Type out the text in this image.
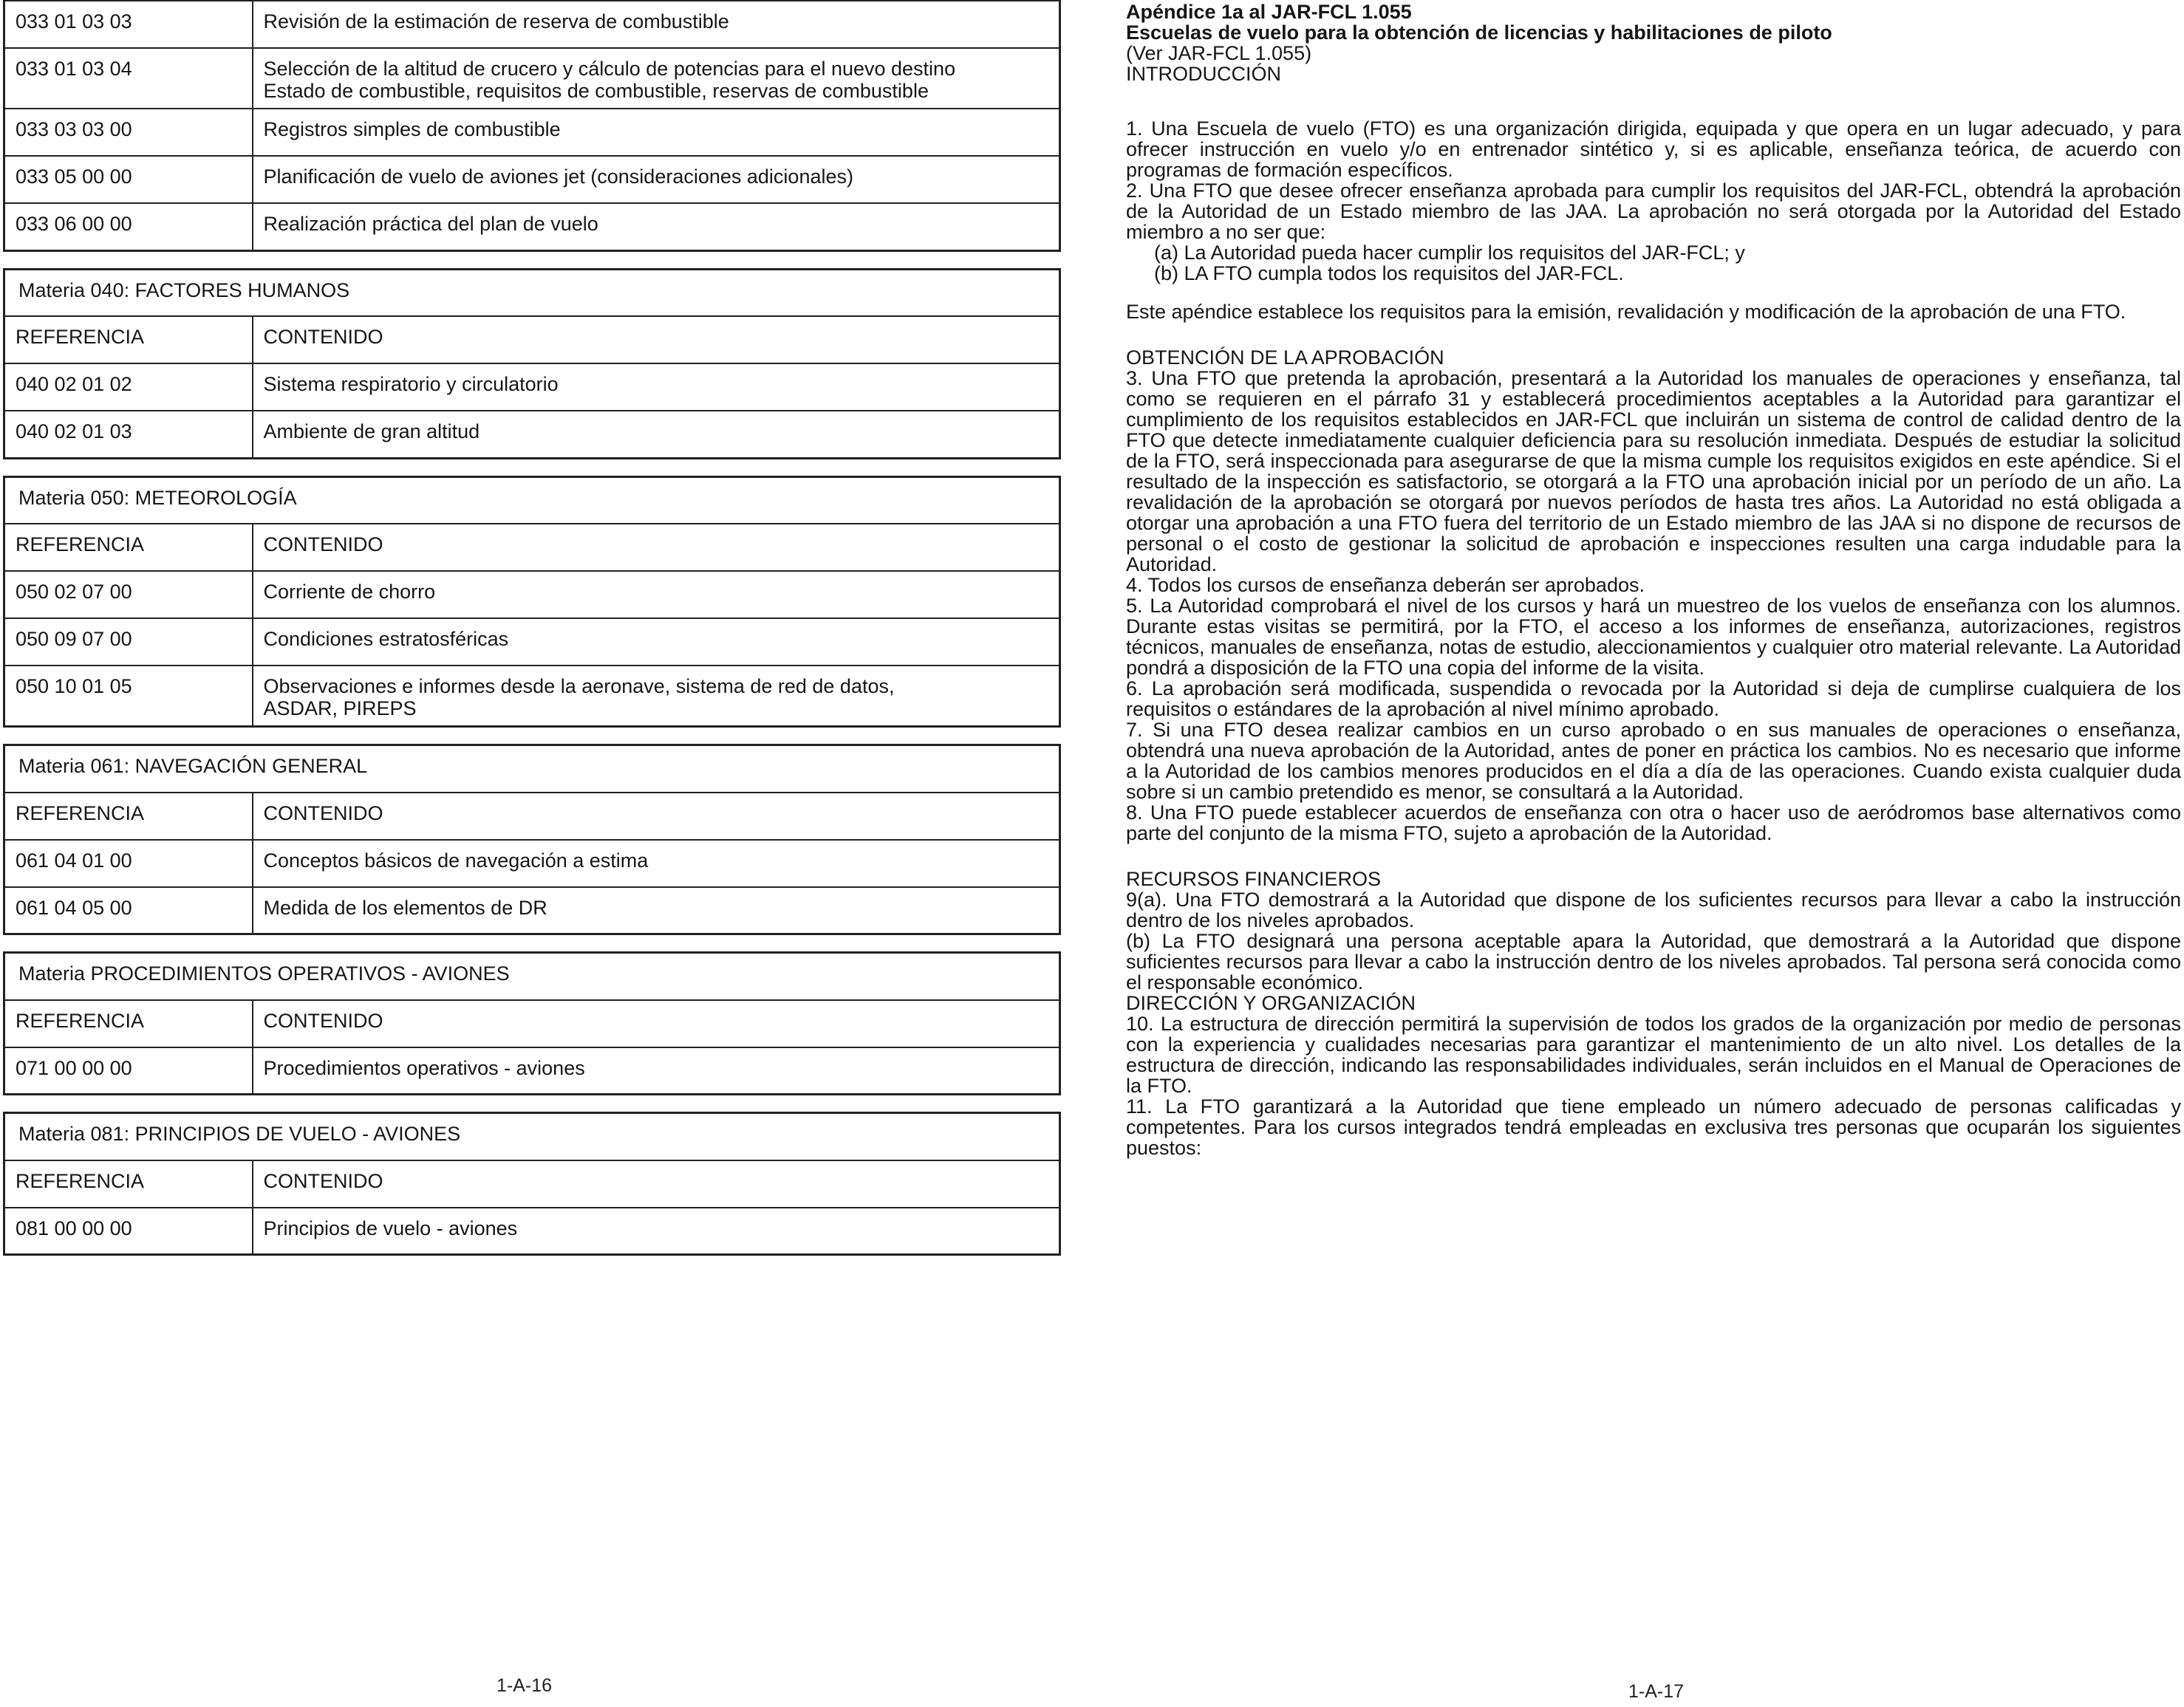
033 01 03 03	Revisión de la estimación de reserva de combustible

033 01 03 04	Selección de la altitud de crucero y cálculo de potencias para el nuevo destino
Estado de combustible, requisitos de combustible, reservas de combustible

033 03 03 00	Registros simples de combustible

033 05 00 00	Planificación de vuelo de aviones jet (consideraciones adicionales)

033 06 00 00	Realización práctica del plan de vuelo
Materia 040: FACTORES HUMANOS	
REFERENCIA	CONTENIDO
040 02 01 02	Sistema respiratorio y circulatorio
040 02 01 03	Ambiente de gran altitud
Materia 050: METEOROLOGÍA	
REFERENCIA	CONTENIDO
050 02 07 00	Corriente de chorro
050 09 07 00	Condiciones estratosféricas
050 10 01 05	Observaciones e informes desde la aeronave, sistema de red de datos,
ASDAR, PIREPS
Materia 061: NAVEGACIÓN GENERAL	
REFERENCIA	CONTENIDO
061 04 01 00	Conceptos básicos de navegación a estima
061 04 05 00	Medida de los elementos de DR
Materia PROCEDIMIENTOS OPERATIVOS - AVIONES	
REFERENCIA	CONTENIDO
071 00 00 00	Procedimientos operativos - aviones
Materia 081: PRINCIPIOS DE VUELO - AVIONES	
REFERENCIA	CONTENIDO
081 00 00 00	Principios de vuelo - aviones
1-A-16

Apéndice 1a al JAR-FCL 1.055

Escuelas de vuelo para la obtención de licencias y habilitaciones de piloto

(Ver JAR-FCL 1.055)

INTRODUCCIÓN

1. Una Escuela de vuelo (FTO) es una organización dirigida, equipada y que opera en un lugar adecuado, y para ofrecer instrucción en vuelo y/o en entrenador sintético y, si es aplicable, enseñanza teórica, de acuerdo con programas de formación específicos.

2. Una FTO que desee ofrecer enseñanza aprobada para cumplir los requisitos del JAR-FCL, obtendrá la aprobación de la Autoridad de un Estado miembro de las JAA. La aprobación no será otorgada por la Autoridad del Estado miembro a no ser que:

(a) La Autoridad pueda hacer cumplir los requisitos del JAR-FCL; y
(b) LA FTO cumpla todos los requisitos del JAR-FCL.

Este apéndice establece los requisitos para la emisión, revalidación y modificación de la aprobación de una FTO.

OBTENCIÓN DE LA APROBACIÓN

3. Una FTO que pretenda la aprobación, presentará a la Autoridad los manuales de operaciones y enseñanza, tal como se requieren en el párrafo 31 y establecerá procedimientos aceptables a la Autoridad para garantizar el cumplimiento de los requisitos establecidos en JAR-FCL que incluirán un sistema de control de calidad dentro de la FTO que detecte inmediatamente cualquier deficiencia para su resolución inmediata. Después de estudiar la solicitud de la FTO, será inspeccionada para asegurarse de que la misma cumple los requisitos exigidos en este apéndice. Si el resultado de la inspección es satisfactorio, se otorgará a la FTO una aprobación inicial por un período de un año. La revalidación de la aprobación se otorgará por nuevos períodos de hasta tres años. La Autoridad no está obligada a otorgar una aprobación a una FTO fuera del territorio de un Estado miembro de las JAA si no dispone de recursos de personal o el costo de gestionar la solicitud de aprobación e inspecciones resulten una carga indudable para la Autoridad.

4. Todos los cursos de enseñanza deberán ser aprobados.

5. La Autoridad comprobará el nivel de los cursos y hará un muestreo de los vuelos de enseñanza con los alumnos. Durante estas visitas se permitirá, por la FTO, el acceso a los informes de enseñanza, autorizaciones, registros técnicos, manuales de enseñanza, notas de estudio, aleccionamientos y cualquier otro material relevante. La Autoridad pondrá a disposición de la FTO una copia del informe de la visita.

6. La aprobación será modificada, suspendida o revocada por la Autoridad si deja de cumplirse cualquiera de los requisitos o estándares de la aprobación al nivel mínimo aprobado.

7. Si una FTO desea realizar cambios en un curso aprobado o en sus manuales de operaciones o enseñanza, obtendrá una nueva aprobación de la Autoridad, antes de poner en práctica los cambios. No es necesario que informe a la Autoridad de los cambios menores producidos en el día a día de las operaciones. Cuando exista cualquier duda sobre si un cambio pretendido es menor, se consultará a la Autoridad.

8. Una FTO puede establecer acuerdos de enseñanza con otra o hacer uso de aeródromos base alternativos como parte del conjunto de la misma FTO, sujeto a aprobación de la Autoridad.

RECURSOS FINANCIEROS

9(a). Una FTO demostrará a la Autoridad que dispone de los suficientes recursos para llevar a cabo la instrucción dentro de los niveles aprobados.

(b) La FTO designará una persona aceptable apara la Autoridad, que demostrará a la Autoridad que dispone suficientes recursos para llevar a cabo la instrucción dentro de los niveles aprobados. Tal persona será conocida como el responsable económico.

DIRECCIÓN Y ORGANIZACIÓN

10. La estructura de dirección permitirá la supervisión de todos los grados de la organización por medio de personas con la experiencia y cualidades necesarias para garantizar el mantenimiento de un alto nivel. Los detalles de la estructura de dirección, indicando las responsabilidades individuales, serán incluidos en el Manual de Operaciones de la FTO.

11. La FTO garantizará a la Autoridad que tiene empleado un número adecuado de personas calificadas y competentes. Para los cursos integrados tendrá empleadas en exclusiva tres personas que ocuparán los siguientes puestos:

1-A-17
